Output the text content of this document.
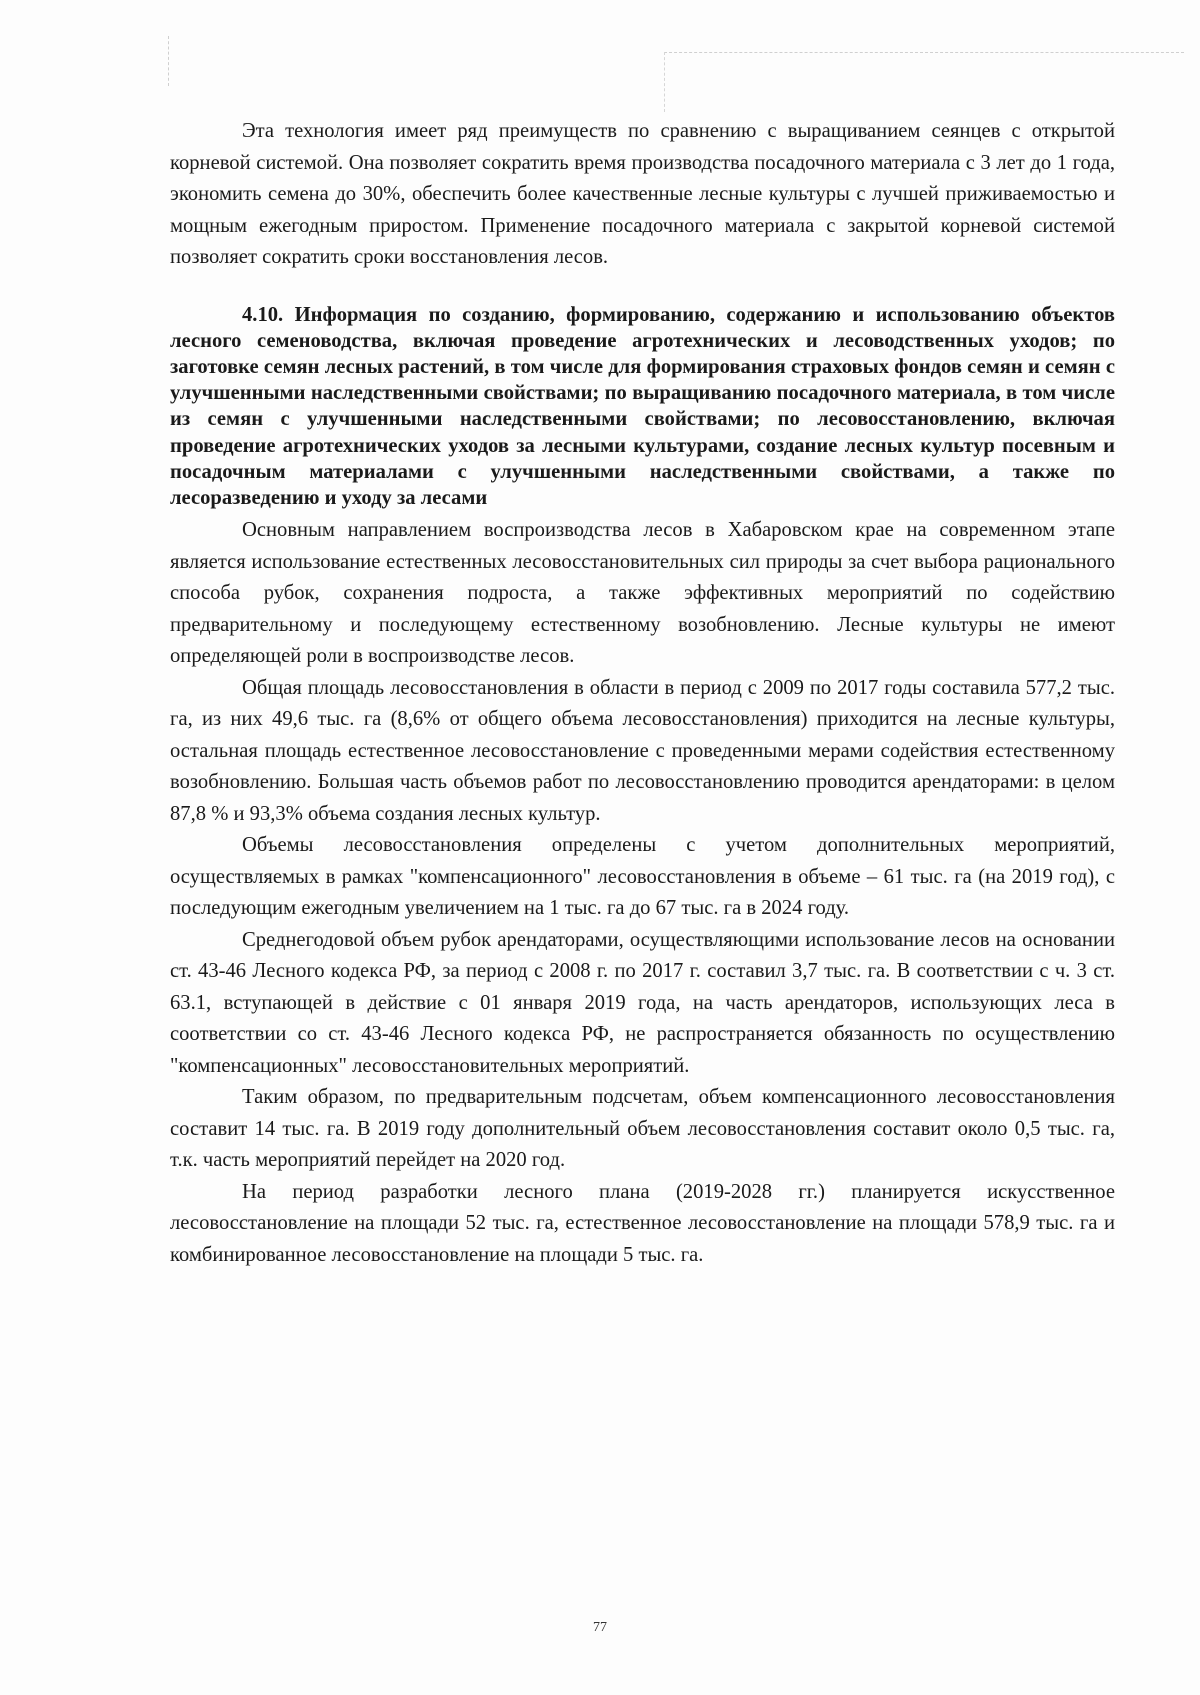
Эта технология имеет ряд преимуществ по сравнению с выращиванием сеянцев с открытой корневой системой. Она позволяет сократить время производства посадочного материала с 3 лет до 1 года, экономить семена до 30%, обеспечить более качественные лесные культуры с лучшей приживаемостью и мощным ежегодным приростом. Применение посадочного материала с закрытой корневой системой позволяет сократить сроки восстановления лесов.

4.10. Информация по созданию, формированию, содержанию и использованию объектов лесного семеноводства, включая проведение агротехнических и лесоводственных уходов; по заготовке семян лесных растений, в том числе для формирования страховых фондов семян и семян с улучшенными наследственными свойствами; по выращиванию посадочного материала, в том числе из семян с улучшенными наследственными свойствами; по лесовосстановлению, включая проведение агротехнических уходов за лесными культурами, создание лесных культур посевным и посадочным материалами с улучшенными наследственными свойствами, а также по лесоразведению и уходу за лесами

Основным направлением воспроизводства лесов в Хабаровском крае на современном этапе является использование естественных лесовосстановительных сил природы за счет выбора рационального способа рубок, сохранения подроста, а также эффективных мероприятий по содействию предварительному и последующему естественному возобновлению. Лесные культуры не имеют определяющей роли в воспроизводстве лесов.

Общая площадь лесовосстановления в области в период с 2009 по 2017 годы составила 577,2 тыс. га, из них 49,6 тыс. га (8,6% от общего объема лесовосстановления) приходится на лесные культуры, остальная площадь естественное лесовосстановление с проведенными мерами содействия естественному возобновлению. Большая часть объемов работ по лесовосстановлению проводится арендаторами: в целом 87,8 % и 93,3% объема создания лесных культур.

Объемы лесовосстановления определены с учетом дополнительных мероприятий, осуществляемых в рамках "компенсационного" лесовосстановления в объеме – 61 тыс. га (на 2019 год), с последующим ежегодным увеличением на 1 тыс. га до 67 тыс. га в 2024 году.

Среднегодовой объем рубок арендаторами, осуществляющими использование лесов на основании ст. 43-46 Лесного кодекса РФ, за период с 2008 г. по 2017 г. составил 3,7 тыс. га. В соответствии с ч. 3 ст. 63.1, вступающей в действие с 01 января 2019 года, на часть арендаторов, использующих леса в соответствии со ст. 43-46 Лесного кодекса РФ, не распространяется обязанность по осуществлению "компенсационных" лесовосстановительных мероприятий.

Таким образом, по предварительным подсчетам, объем компенсационного лесовосстановления составит 14 тыс. га. В 2019 году дополнительный объем лесовосстановления составит около 0,5 тыс. га, т.к. часть мероприятий перейдет на 2020 год.

На период разработки лесного плана (2019-2028 гг.) планируется искусственное лесовосстановление на площади 52 тыс. га, естественное лесовосстановление на площади 578,9 тыс. га и комбинированное лесовосстановление на площади 5 тыс. га.

77
